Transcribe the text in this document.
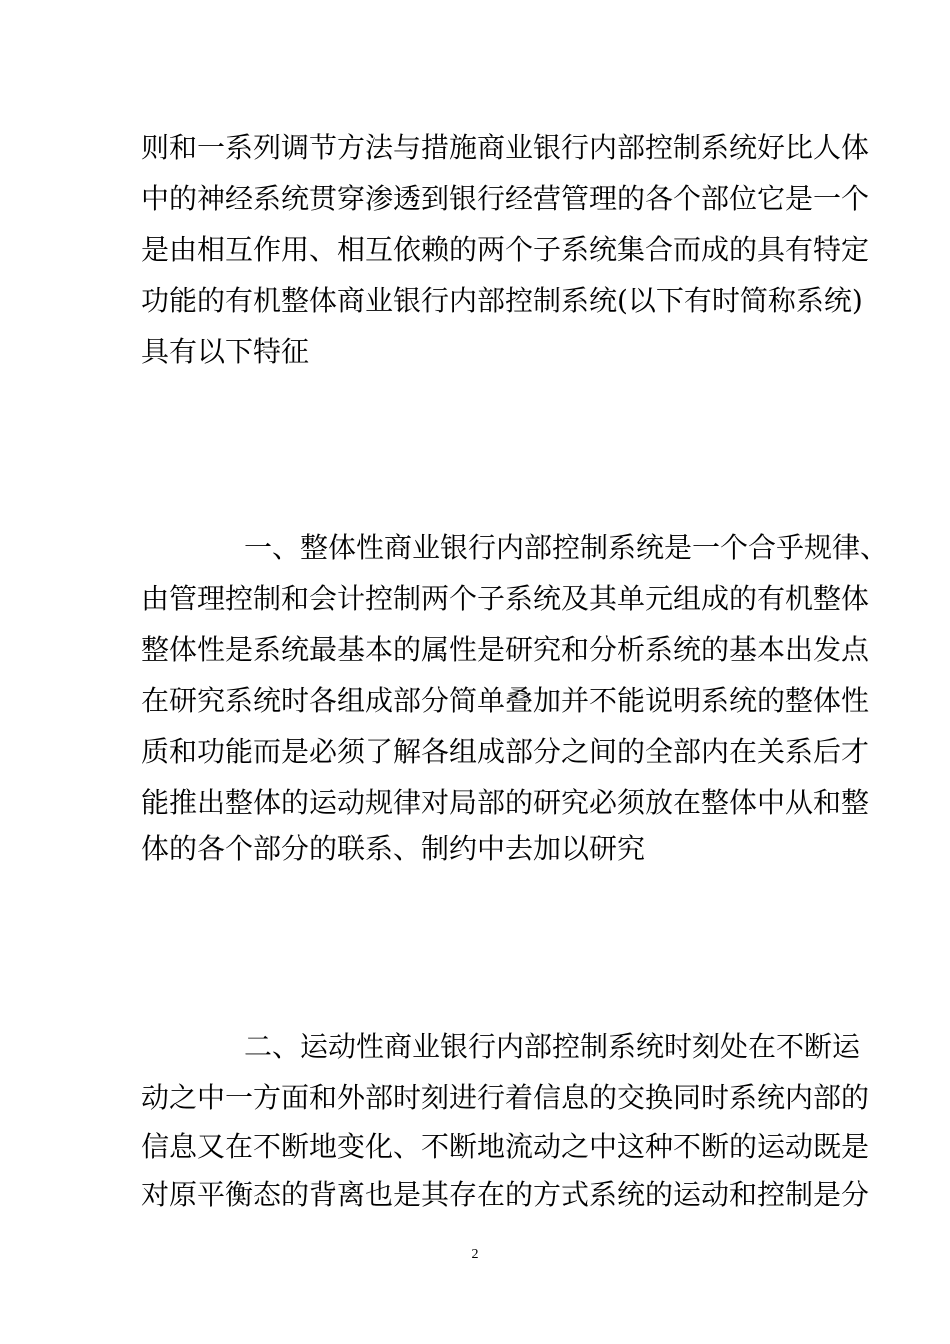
则和一系列调节方法与措施商业银行内部控制系统好比人体
中的神经系统贯穿渗透到银行经营管理的各个部位它是一个
是由相互作用、相互依赖的两个子系统集合而成的具有特定
功能的有机整体商业银行内部控制系统(以下有时简称系统)
具有以下特征
一、整体性商业银行内部控制系统是一个合乎规律、
由管理控制和会计控制两个子系统及其单元组成的有机整体
整体性是系统最基本的属性是研究和分析系统的基本出发点
在研究系统时各组成部分简单叠加并不能说明系统的整体性
质和功能而是必须了解各组成部分之间的全部内在关系后才
能推出整体的运动规律对局部的研究必须放在整体中从和整
体的各个部分的联系、制约中去加以研究
二、运动性商业银行内部控制系统时刻处在不断运
动之中一方面和外部时刻进行着信息的交换同时系统内部的
信息又在不断地变化、不断地流动之中这种不断的运动既是
对原平衡态的背离也是其存在的方式系统的运动和控制是分
2
